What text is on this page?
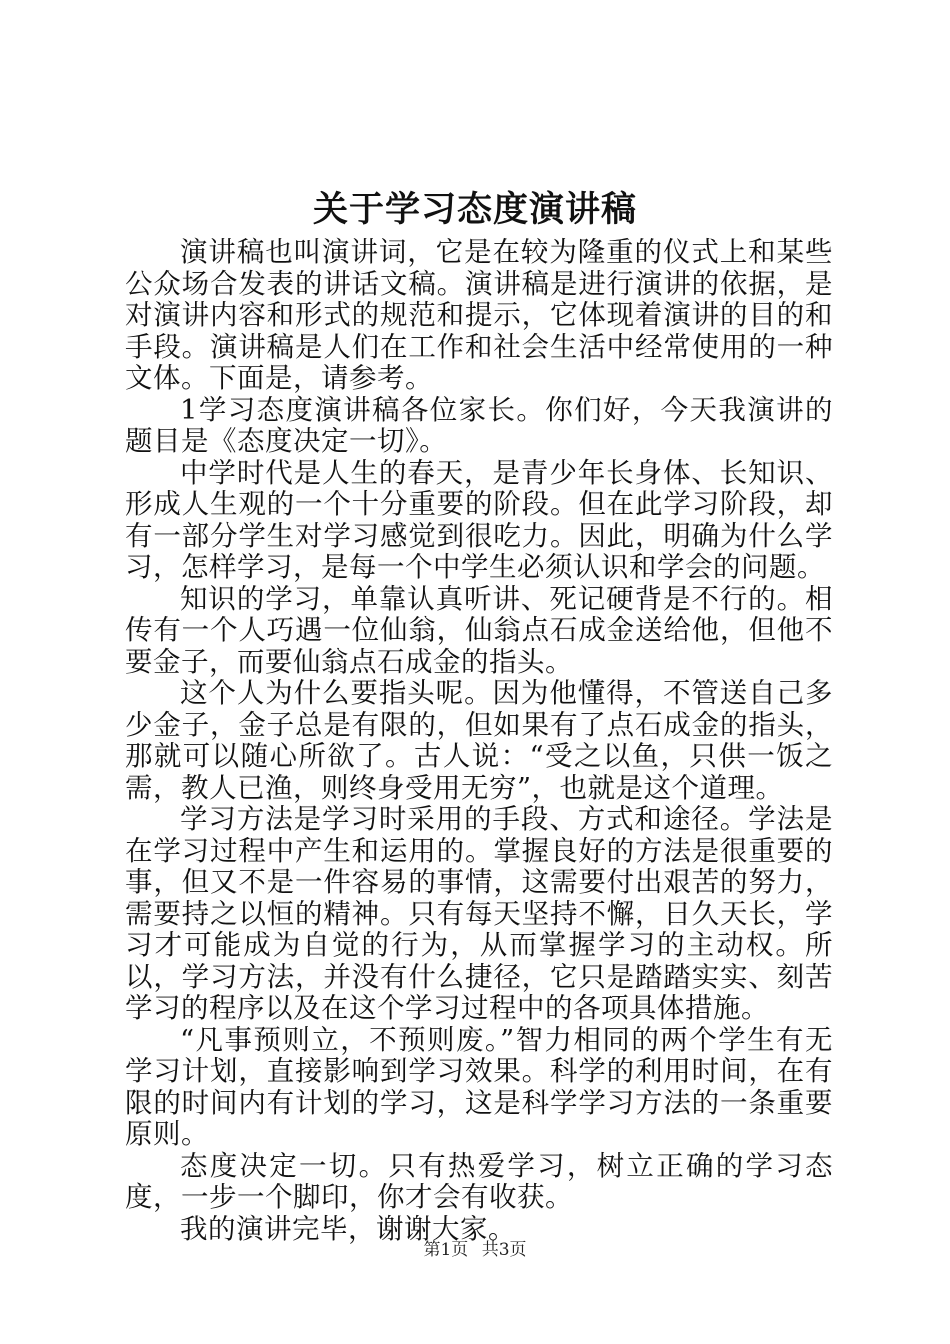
关于学习态度演讲稿

演讲稿也叫演讲词，它是在较为隆重的仪式上和某些公众场合发表的讲话文稿。演讲稿是进行演讲的依据，是对演讲内容和形式的规范和提示，它体现着演讲的目的和手段。演讲稿是人们在工作和社会生活中经常使用的一种文体。下面是，请参考。

1学习态度演讲稿各位家长。你们好，今天我演讲的题目是《态度决定一切》。

中学时代是人生的春天，是青少年长身体、长知识、形成人生观的一个十分重要的阶段。但在此学习阶段，却有一部分学生对学习感觉到很吃力。因此，明确为什么学习，怎样学习，是每一个中学生必须认识和学会的问题。

知识的学习，单靠认真听讲、死记硬背是不行的。相传有一个人巧遇一位仙翁，仙翁点石成金送给他，但他不要金子，而要仙翁点石成金的指头。

这个人为什么要指头呢。因为他懂得，不管送自己多少金子，金子总是有限的，但如果有了点石成金的指头，那就可以随心所欲了。古人说：“受之以鱼，只供一饭之需，教人已渔，则终身受用无穷”，也就是这个道理。

学习方法是学习时采用的手段、方式和途径。学法是在学习过程中产生和运用的。掌握良好的方法是很重要的事，但又不是一件容易的事情，这需要付出艰苦的努力，需要持之以恒的精神。只有每天坚持不懈，日久天长，学习才可能成为自觉的行为，从而掌握学习的主动权。所以，学习方法，并没有什么捷径，它只是踏踏实实、刻苦学习的程序以及在这个学习过程中的各项具体措施。

“凡事预则立，不预则废。”智力相同的两个学生有无学习计划，直接影响到学习效果。科学的利用时间，在有限的时间内有计划的学习，这是科学学习方法的一条重要原则。

态度决定一切。只有热爱学习，树立正确的学习态度，一步一个脚印，你才会有收获。

我的演讲完毕，谢谢大家。

第1页 共3页
